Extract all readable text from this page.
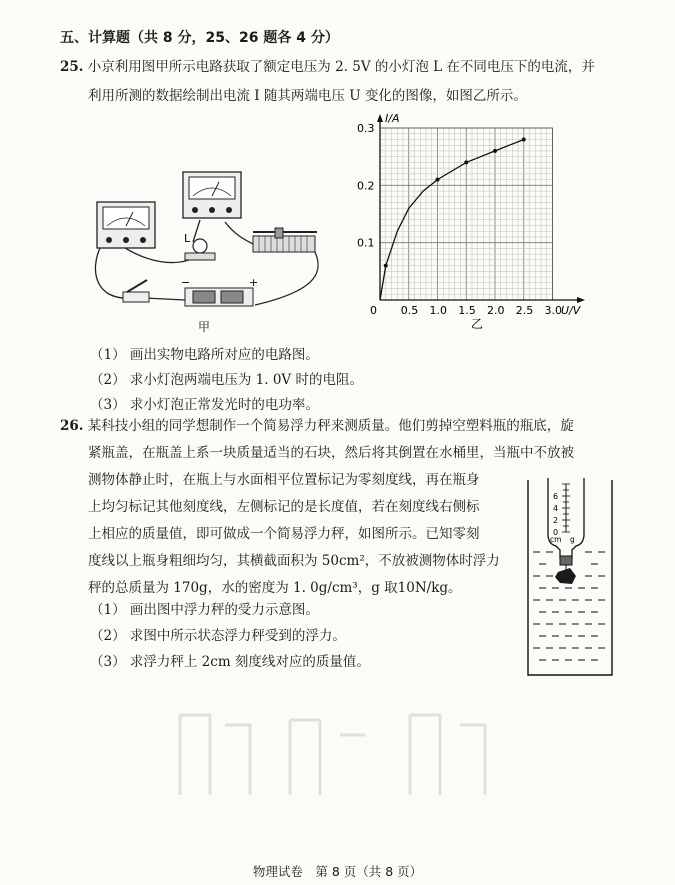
五、计算题（共 8 分，25、26 题各 4 分）
25. 小京利用图甲所示电路获取了额定电压为 2. 5V 的小灯泡 L 在不同电压下的电流，并
利用所测的数据绘制出电流 I 随其两端电压 U 变化的图像，如图乙所示。
L
−	+
甲
0.5 1.0 1.5 2.0 2.5 3.0
0.1
0.2
0.3
I/A
U/V
0
乙
（1） 画出实物电路所对应的电路图。
（2） 求小灯泡两端电压为 1. 0V 时的电阻。
（3） 求小灯泡正常发光时的电功率。
26. 某科技小组的同学想制作一个简易浮力秤来测质量。他们剪掉空塑料瓶的瓶底，旋
紧瓶盖，在瓶盖上系一块质量适当的石块，然后将其倒置在水桶里，当瓶中不放被
测物体静止时，在瓶上与水面相平位置标记为零刻度线，再在瓶身
上均匀标记其他刻度线，左侧标记的是长度值，若在刻度线右侧标
上相应的质量值，即可做成一个简易浮力秤，如图所示。已知零刻
度线以上瓶身粗细均匀，其横截面积为 50cm²，不放被测物体时浮力
秤的总质量为 170g，水的密度为 1. 0g/cm³，g 取10N/kg。
6
4
2
0
cm g
（1） 画出图中浮力秤的受力示意图。
（2） 求图中所示状态浮力秤受到的浮力。
（3） 求浮力秤上 2cm 刻度线对应的质量值。
物理试卷　第 8 页（共 8 页）
